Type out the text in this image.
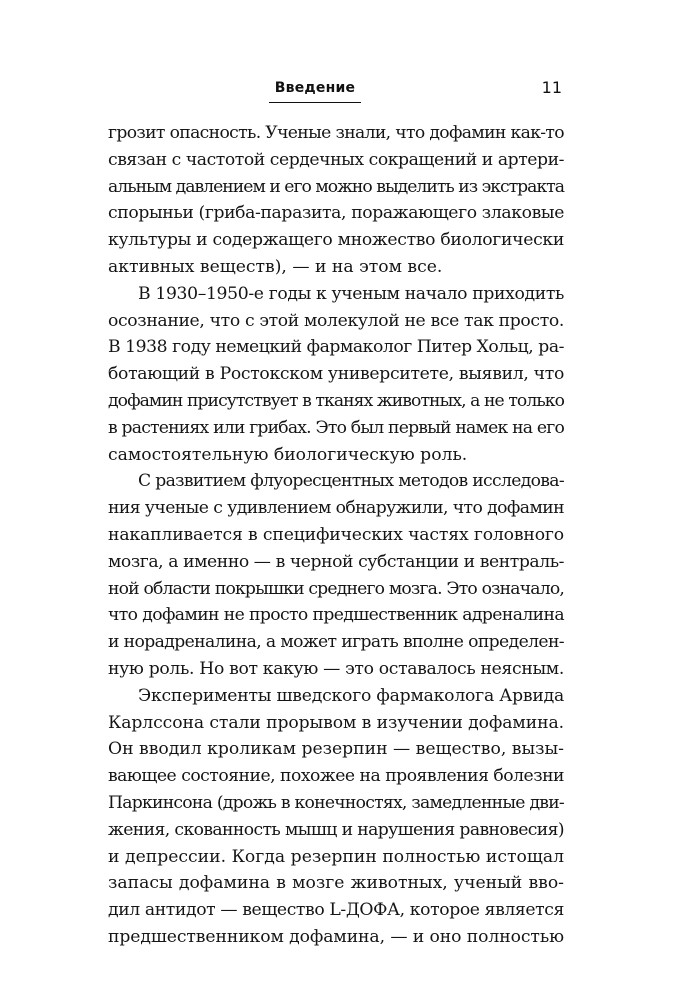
Введение	11

грозит опасность. Ученые знали, что дофамин как-то
связан с частотой сердечных сокращений и артери-
альным давлением и его можно выделить из экстракта
спорыньи (гриба-паразита, поражающего злаковые
культуры и содержащего множество биологически
активных веществ), — и на этом все.

В 1930–1950-е годы к ученым начало приходить
осознание, что с этой молекулой не все так просто.
В 1938 году немецкий фармаколог Питер Хольц, ра-
ботающий в Ростокском университете, выявил, что
дофамин присутствует в тканях животных, а не только
в растениях или грибах. Это был первый намек на его
самостоятельную биологическую роль.

С развитием флуоресцентных методов исследова-
ния ученые с удивлением обнаружили, что дофамин
накапливается в специфических частях головного
мозга, а именно — в черной субстанции и вентраль-
ной области покрышки среднего мозга. Это означало,
что дофамин не просто предшественник адреналина
и норадреналина, а может играть вполне определен-
ную роль. Но вот какую — это оставалось неясным.

Эксперименты шведского фармаколога Арвида
Карлссона стали прорывом в изучении дофамина.
Он вводил кроликам резерпин — вещество, вызы-
вающее состояние, похожее на проявления болезни
Паркинсона (дрожь в конечностях, замедленные дви-
жения, скованность мышц и нарушения равновесия)
и депрессии. Когда резерпин полностью истощал
запасы дофамина в мозге животных, ученый вво-
дил антидот — вещество L-ДОФА, которое является
предшественником дофамина, — и оно полностью
